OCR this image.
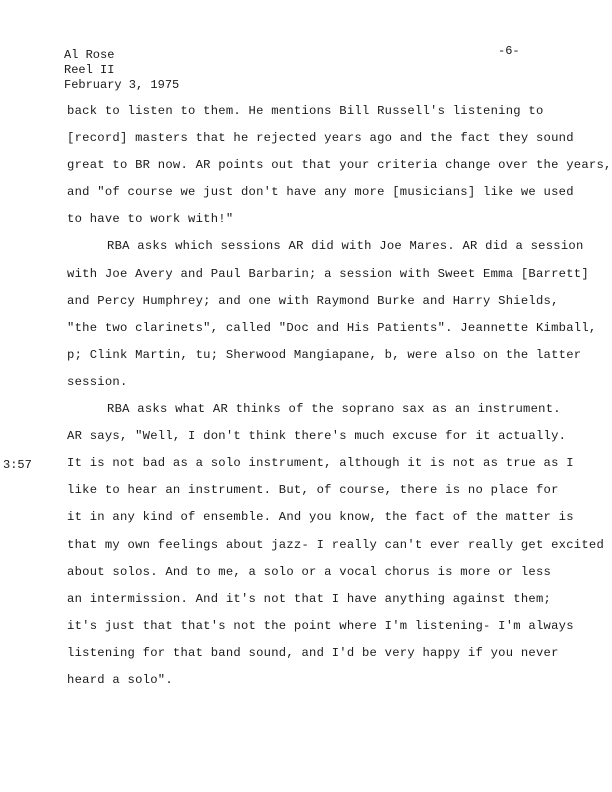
Al Rose
Reel II
February 3, 1975
-6-
3:57
back to listen to them. He mentions Bill Russell's listening to
[record] masters that he rejected years ago and the fact they sound
great to BR now. AR points out that your criteria change over the years,
and "of course we just don't have any more [musicians] like we used
to have to work with!"
RBA asks which sessions AR did with Joe Mares. AR did a session
with Joe Avery and Paul Barbarin; a session with Sweet Emma [Barrett]
and Percy Humphrey; and one with Raymond Burke and Harry Shields,
"the two clarinets", called "Doc and His Patients". Jeannette Kimball,
p; Clink Martin, tu; Sherwood Mangiapane, b, were also on the latter
session.
RBA asks what AR thinks of the soprano sax as an instrument.
AR says, "Well, I don't think there's much excuse for it actually.
It is not bad as a solo instrument, although it is not as true as I
like to hear an instrument. But, of course, there is no place for
it in any kind of ensemble. And you know, the fact of the matter is
that my own feelings about jazz- I really can't ever really get excited
about solos. And to me, a solo or a vocal chorus is more or less
an intermission. And it's not that I have anything against them;
it's just that that's not the point where I'm listening- I'm always
listening for that band sound, and I'd be very happy if you never
heard a solo".
